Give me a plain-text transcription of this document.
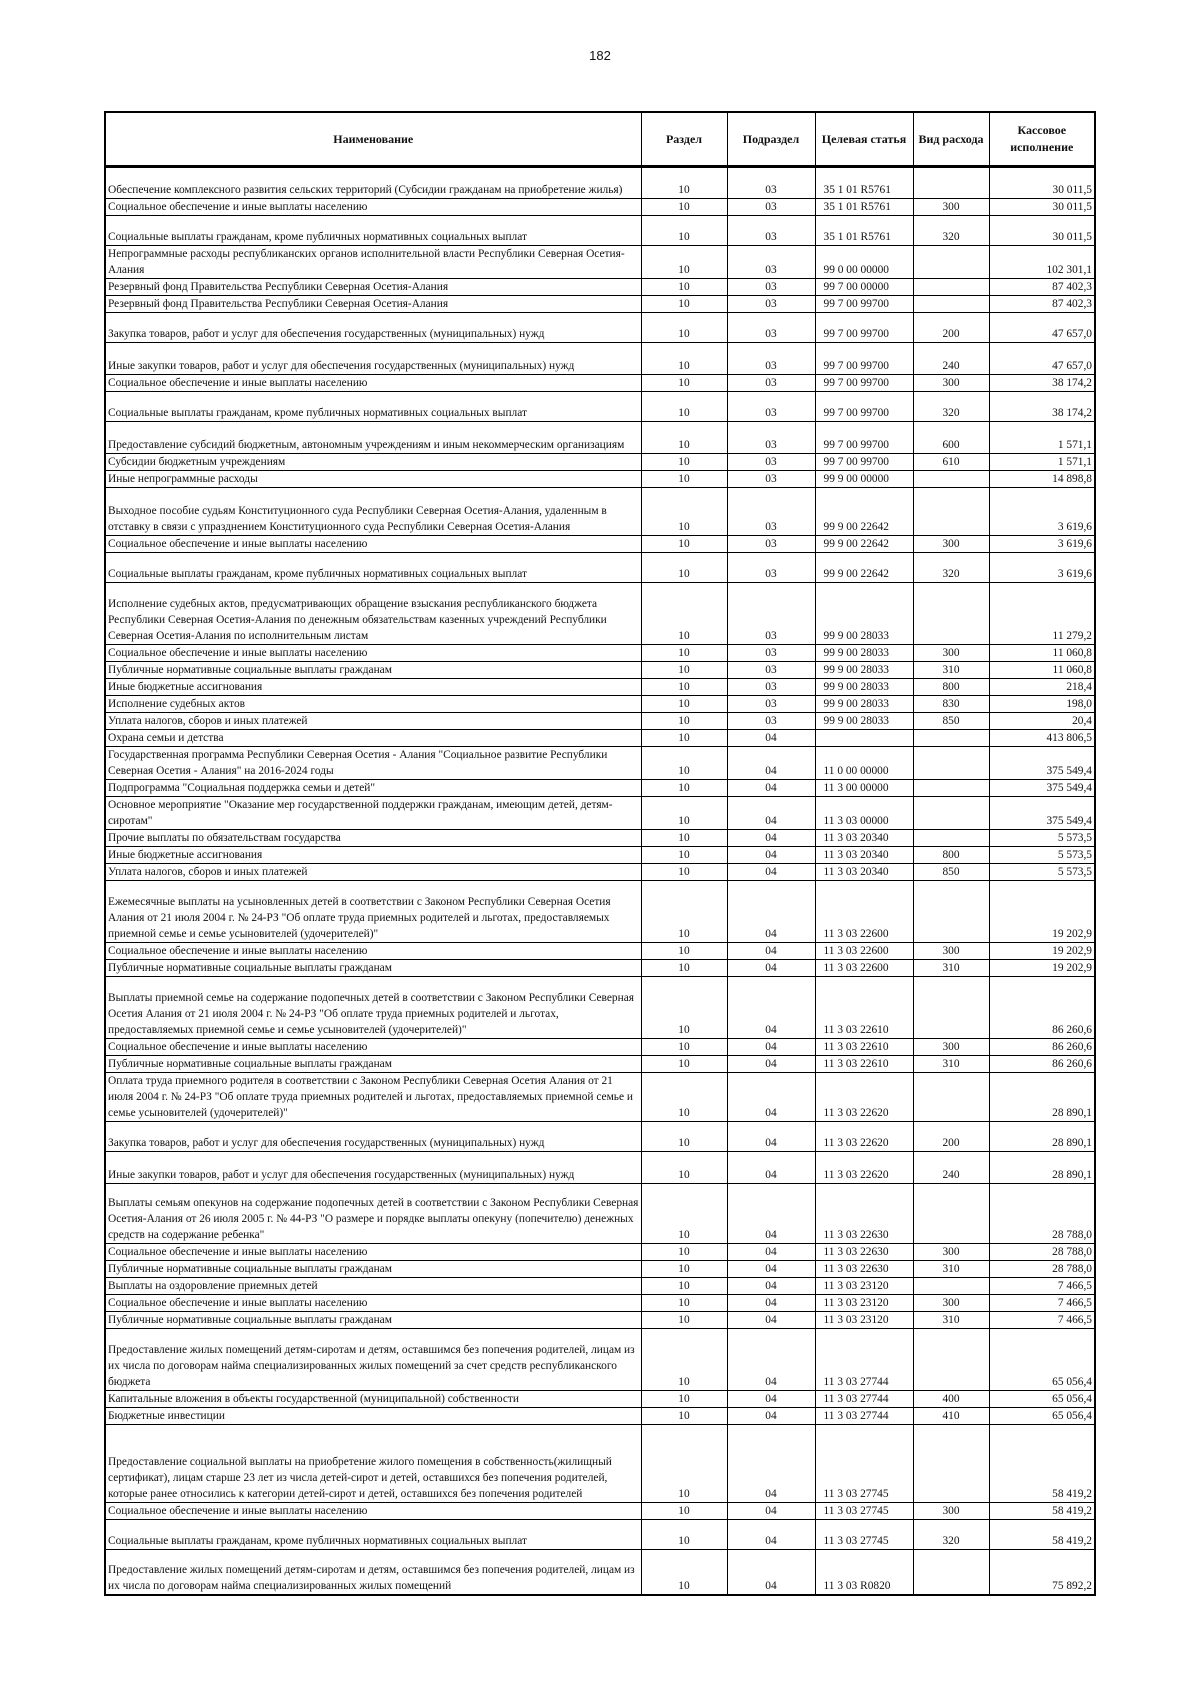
182
Наименование	Раздел	Подраздел	Целевая статья	Вид расхода	Кассовое исполнение
Обеспечение комплексного развития сельских территорий (Субсидии гражданам на приобретение жилья)	10	03	35 1 01 R5761		30 011,5
Социальное обеспечение и иные выплаты населению	10	03	35 1 01 R5761	300	30 011,5
Социальные выплаты гражданам, кроме публичных нормативных социальных выплат	10	03	35 1 01 R5761	320	30 011,5
Непрограммные расходы республиканских органов исполнительной власти Республики Северная Осетия-Алания	10	03	99 0 00 00000		102 301,1
Резервный фонд Правительства Республики Северная Осетия-Алания	10	03	99 7 00 00000		87 402,3
Резервный фонд Правительства Республики Северная Осетия-Алания	10	03	99 7 00 99700		87 402,3
Закупка товаров, работ и услуг для обеспечения государственных (муниципальных) нужд	10	03	99 7 00 99700	200	47 657,0
Иные закупки товаров, работ и услуг для обеспечения государственных (муниципальных) нужд	10	03	99 7 00 99700	240	47 657,0
Социальное обеспечение и иные выплаты населению	10	03	99 7 00 99700	300	38 174,2
Социальные выплаты гражданам, кроме публичных нормативных социальных выплат	10	03	99 7 00 99700	320	38 174,2
Предоставление субсидий бюджетным, автономным учреждениям и иным некоммерческим организациям	10	03	99 7 00 99700	600	1 571,1
Субсидии бюджетным учреждениям	10	03	99 7 00 99700	610	1 571,1
Иные непрограммные расходы	10	03	99 9 00 00000		14 898,8
Выходное пособие судьям Конституционного суда Республики Северная Осетия-Алания, удаленным в отставку в связи с упразднением Конституционного суда Республики Северная Осетия-Алания	10	03	99 9 00 22642		3 619,6
Социальное обеспечение и иные выплаты населению	10	03	99 9 00 22642	300	3 619,6
Социальные выплаты гражданам, кроме публичных нормативных социальных выплат	10	03	99 9 00 22642	320	3 619,6
Исполнение судебных актов, предусматривающих обращение взыскания республиканского бюджета Республики Северная Осетия-Алания по денежным обязательствам казенных учреждений Республики Северная Осетия-Алания по исполнительным листам	10	03	99 9 00 28033		11 279,2
Социальное обеспечение и иные выплаты населению	10	03	99 9 00 28033	300	11 060,8
Публичные нормативные социальные выплаты гражданам	10	03	99 9 00 28033	310	11 060,8
Иные бюджетные ассигнования	10	03	99 9 00 28033	800	218,4
Исполнение судебных актов	10	03	99 9 00 28033	830	198,0
Уплата налогов, сборов и иных платежей	10	03	99 9 00 28033	850	20,4
Охрана семьи и детства	10	04			413 806,5
Государственная программа Республики Северная Осетия - Алания "Социальное развитие Республики Северная Осетия - Алания" на 2016-2024 годы	10	04	11 0 00 00000		375 549,4
Подпрограмма "Социальная поддержка семьи и детей"	10	04	11 3 00 00000		375 549,4
Основное мероприятие "Оказание мер государственной поддержки гражданам, имеющим детей, детям-сиротам"	10	04	11 3 03 00000		375 549,4
Прочие выплаты по обязательствам государства	10	04	11 3 03 20340		5 573,5
Иные бюджетные ассигнования	10	04	11 3 03 20340	800	5 573,5
Уплата налогов, сборов и иных платежей	10	04	11 3 03 20340	850	5 573,5
Ежемесячные выплаты на усыновленных детей в соответствии с Законом Республики Северная Осетия Алания от 21 июля 2004 г. № 24-РЗ "Об оплате труда приемных родителей и льготах, предоставляемых приемной семье и семье усыновителей (удочерителей)"	10	04	11 3 03 22600		19 202,9
Социальное обеспечение и иные выплаты населению	10	04	11 3 03 22600	300	19 202,9
Публичные нормативные социальные выплаты гражданам	10	04	11 3 03 22600	310	19 202,9
Выплаты приемной семье на содержание подопечных детей в соответствии с Законом Республики Северная Осетия Алания от 21 июля 2004 г. № 24-РЗ "Об оплате труда приемных родителей и льготах, предоставляемых приемной семье и семье усыновителей (удочерителей)"	10	04	11 3 03 22610		86 260,6
Социальное обеспечение и иные выплаты населению	10	04	11 3 03 22610	300	86 260,6
Публичные нормативные социальные выплаты гражданам	10	04	11 3 03 22610	310	86 260,6
Оплата труда приемного родителя в соответствии с Законом Республики Северная Осетия Алания от 21 июля 2004 г. № 24-РЗ "Об оплате труда приемных родителей и льготах, предоставляемых приемной семье и семье усыновителей (удочерителей)"	10	04	11 3 03 22620		28 890,1
Закупка товаров, работ и услуг для обеспечения государственных (муниципальных) нужд	10	04	11 3 03 22620	200	28 890,1
Иные закупки товаров, работ и услуг для обеспечения государственных (муниципальных) нужд	10	04	11 3 03 22620	240	28 890,1
Выплаты семьям опекунов на содержание подопечных детей в соответствии с Законом Республики Северная Осетия-Алания от 26 июля 2005 г. № 44-РЗ "О размере и порядке выплаты опекуну (попечителю) денежных средств на содержание ребенка"	10	04	11 3 03 22630		28 788,0
Социальное обеспечение и иные выплаты населению	10	04	11 3 03 22630	300	28 788,0
Публичные нормативные социальные выплаты гражданам	10	04	11 3 03 22630	310	28 788,0
Выплаты на оздоровление приемных детей	10	04	11 3 03 23120		7 466,5
Социальное обеспечение и иные выплаты населению	10	04	11 3 03 23120	300	7 466,5
Публичные нормативные социальные выплаты гражданам	10	04	11 3 03 23120	310	7 466,5
Предоставление жилых помещений детям-сиротам и детям, оставшимся без попечения родителей, лицам из их числа по договорам найма специализированных жилых помещений за счет средств республиканского бюджета	10	04	11 3 03 27744		65 056,4
Капитальные вложения в объекты государственной (муниципальной) собственности	10	04	11 3 03 27744	400	65 056,4
Бюджетные инвестиции	10	04	11 3 03 27744	410	65 056,4
Предоставление социальной выплаты на приобретение жилого помещения в собственность(жилищный сертификат), лицам старше 23 лет из числа детей-сирот и детей, оставшихся без попечения родителей, которые ранее относились к категории детей-сирот и детей, оставшихся без попечения родителей	10	04	11 3 03 27745		58 419,2
Социальное обеспечение и иные выплаты населению	10	04	11 3 03 27745	300	58 419,2
Социальные выплаты гражданам, кроме публичных нормативных социальных выплат	10	04	11 3 03 27745	320	58 419,2
Предоставление жилых помещений детям-сиротам и детям, оставшимся без попечения родителей, лицам из их числа по договорам найма специализированных жилых помещений	10	04	11 3 03 R0820		75 892,2
